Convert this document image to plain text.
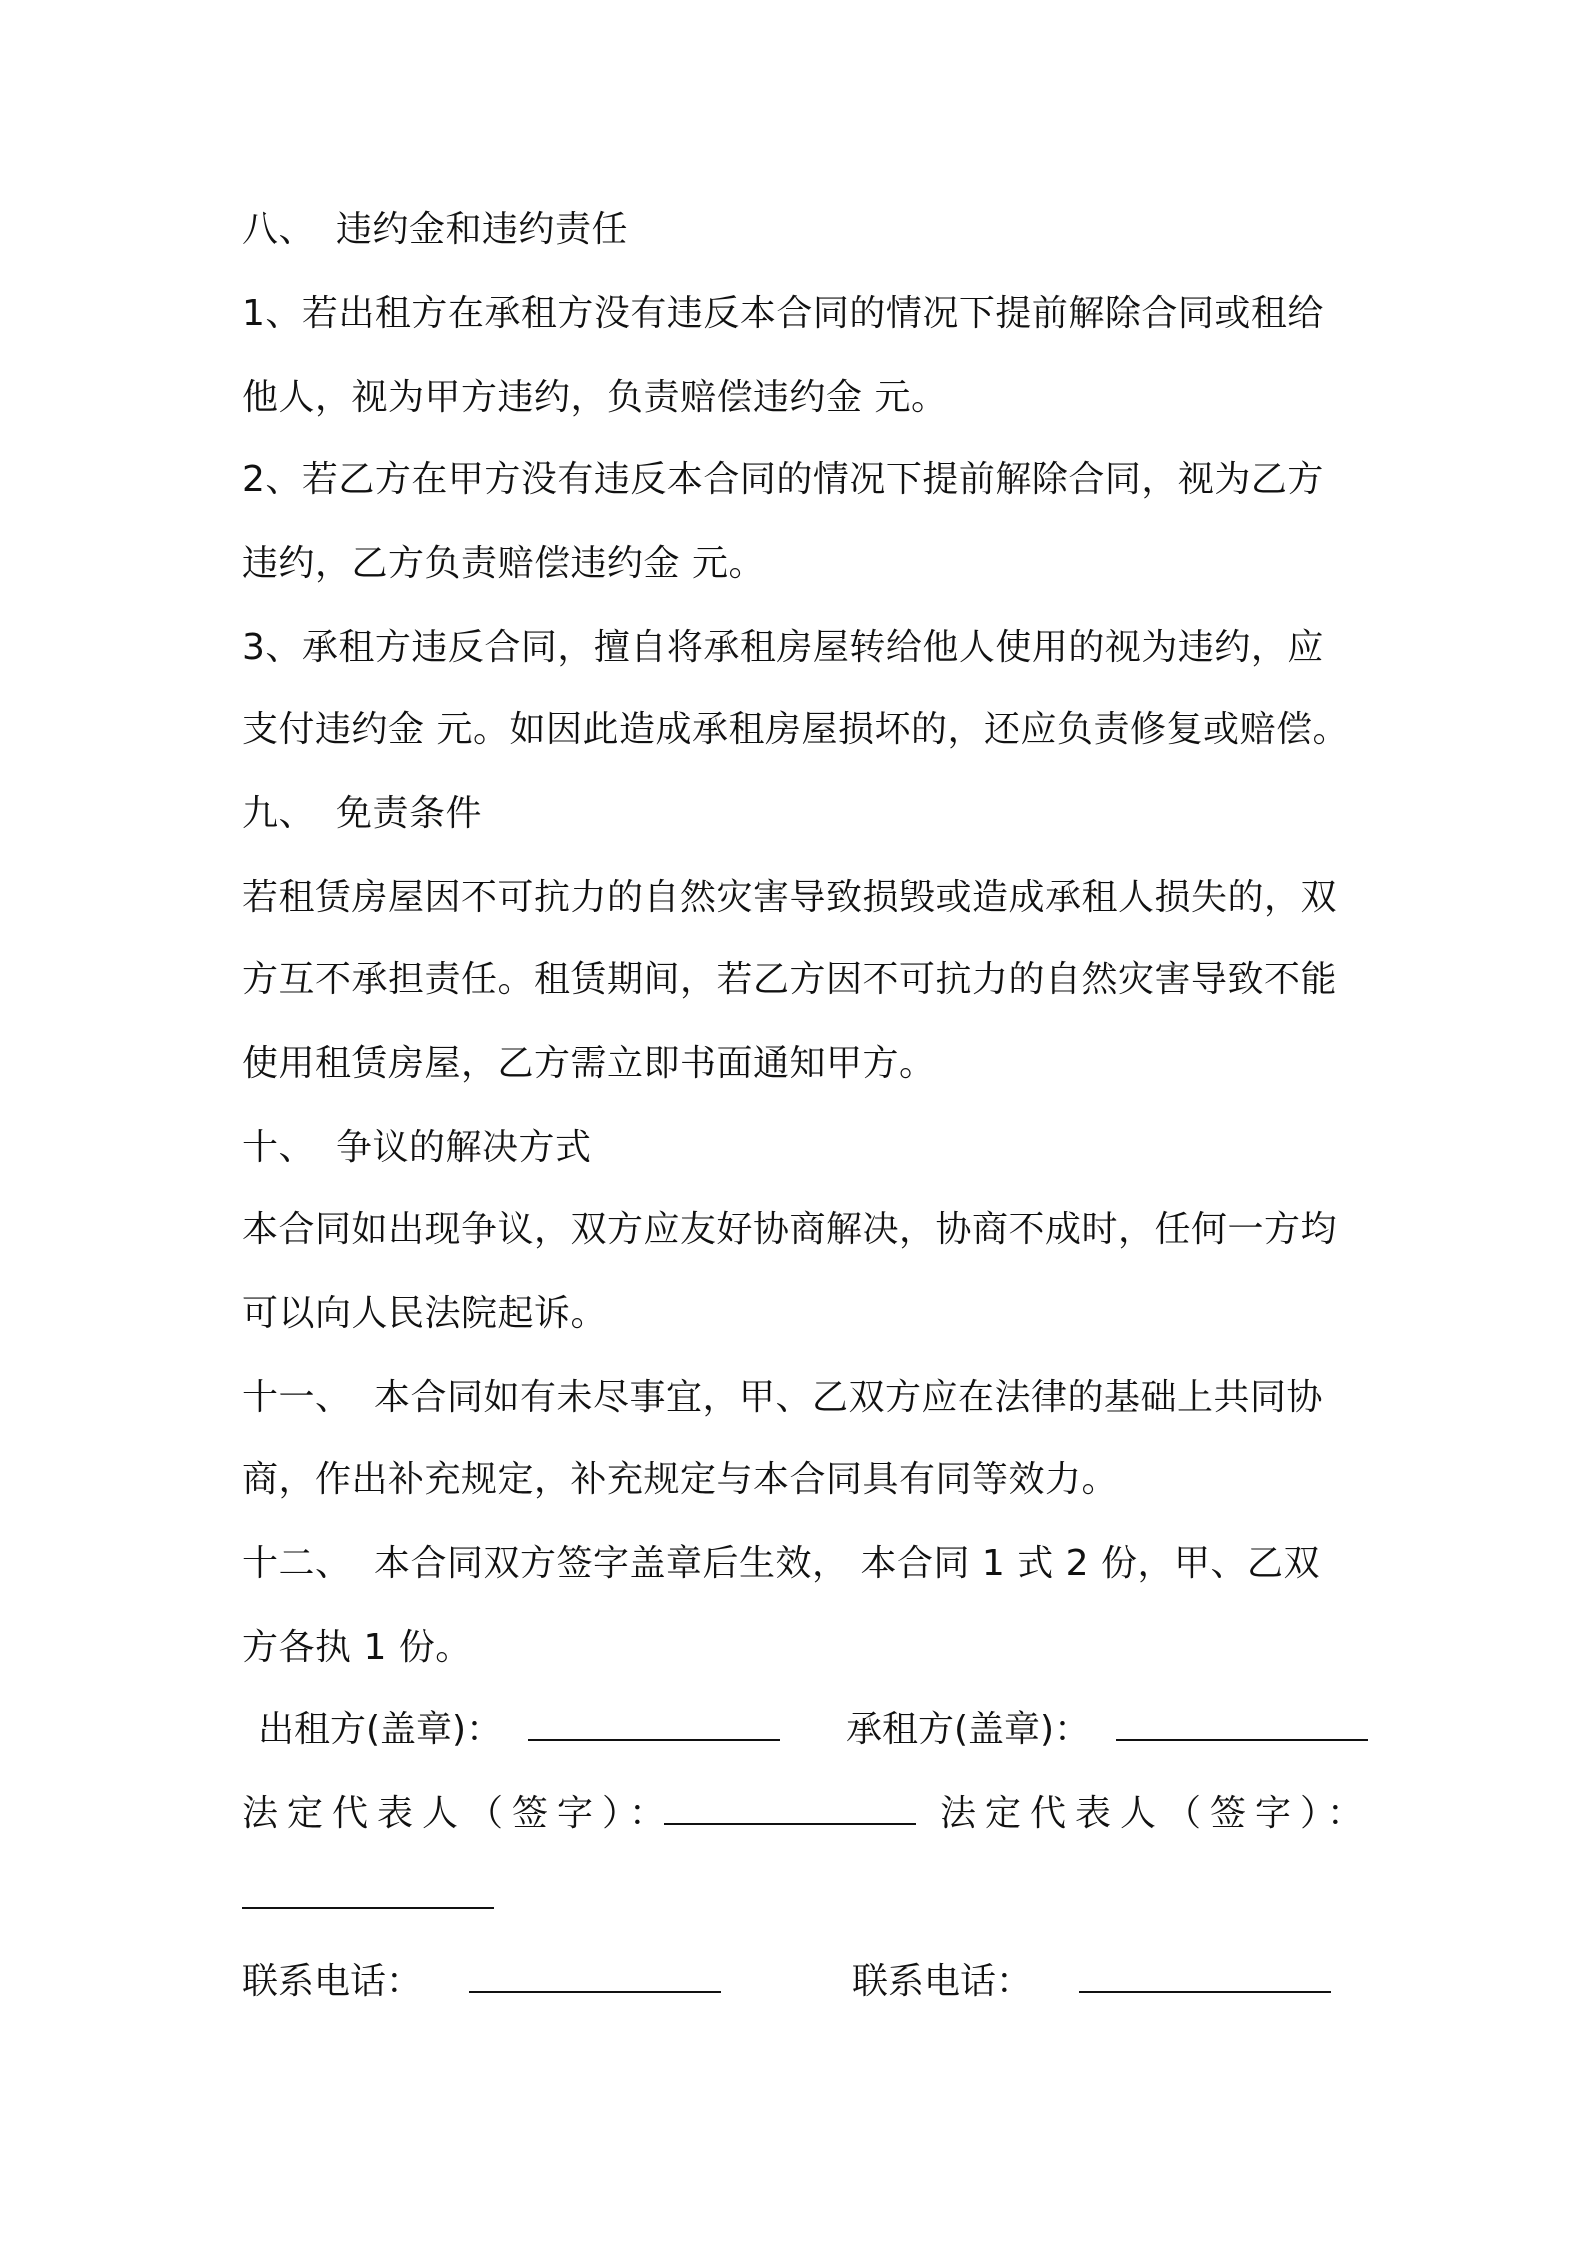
八、 违约金和违约责任
1、若出租方在承租方没有违反本合同的情况下提前解除合同或租给
他人，视为甲方违约，负责赔偿违约金 元。
2、若乙方在甲方没有违反本合同的情况下提前解除合同，视为乙方
违约，乙方负责赔偿违约金 元。
3、承租方违反合同，擅自将承租房屋转给他人使用的视为违约，应
支付违约金 元。如因此造成承租房屋损坏的，还应负责修复或赔偿。
九、 免责条件
若租赁房屋因不可抗力的自然灾害导致损毁或造成承租人损失的，双
方互不承担责任。租赁期间，若乙方因不可抗力的自然灾害导致不能
使用租赁房屋，乙方需立即书面通知甲方。
十、 争议的解决方式
本合同如出现争议，双方应友好协商解决，协商不成时，任何一方均
可以向人民法院起诉。
十一、 本合同如有未尽事宜，甲、乙双方应在法律的基础上共同协
商，作出补充规定，补充规定与本合同具有同等效力。
十二、 本合同双方签字盖章后生效， 本合同 1 式 2 份，甲、乙双
方各执 1 份。
出租方(盖章)：	承租方(盖章)：
法定代表人（签字）：	法定代表人（签字）：
联系电话：	联系电话：
